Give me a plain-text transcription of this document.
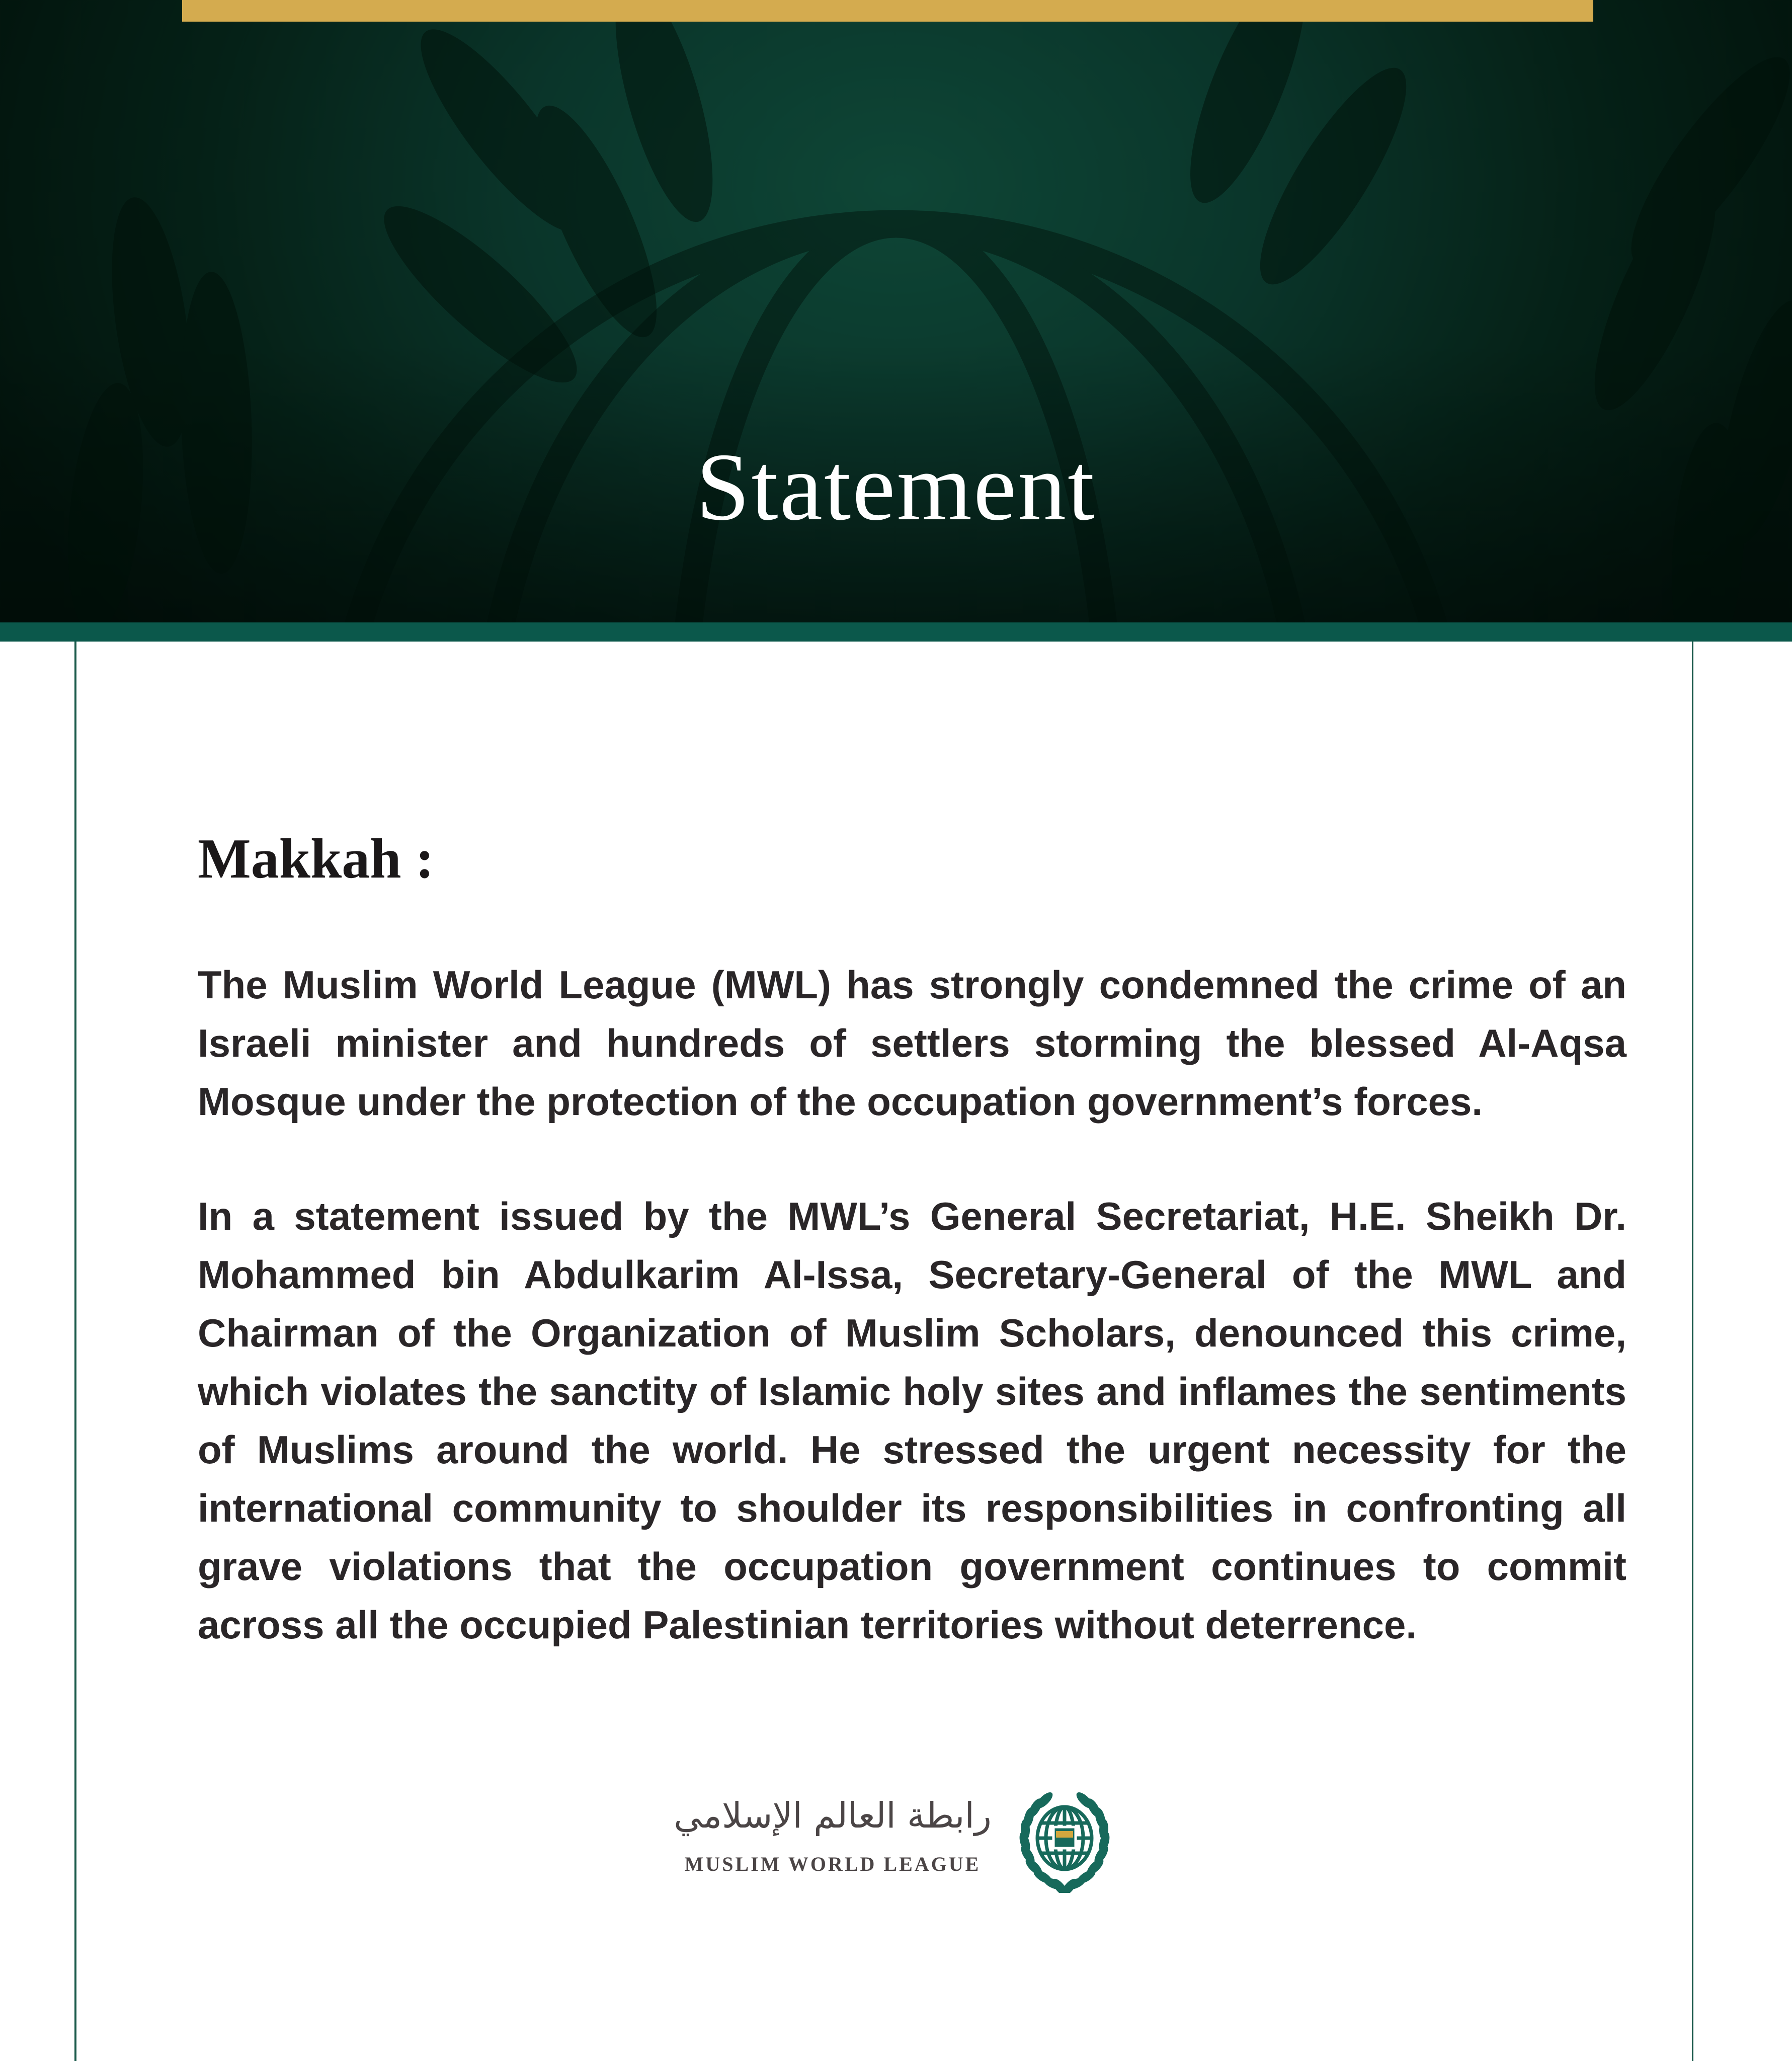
Statement
Makkah :

The Muslim World League (MWL) has strongly condemned the crime of an Israeli minister and hundreds of settlers storming the blessed Al-Aqsa Mosque under the protection of the occupation government’s forces.

In a statement issued by the MWL’s General Secretariat, H.E. Sheikh Dr. Mohammed bin Abdulkarim Al-Issa, Secretary-General of the MWL and Chairman of the Organization of Muslim Scholars, denounced this crime, which violates the sanctity of Islamic holy sites and inflames the sentiments of Muslims around the world. He stressed the urgent necessity for the international community to shoulder its responsibilities in confronting all grave violations that the occupation government continues to commit across all the occupied Palestinian territories without deterrence.

رابطة العالم الإسلامي
MUSLIM WORLD LEAGUE
